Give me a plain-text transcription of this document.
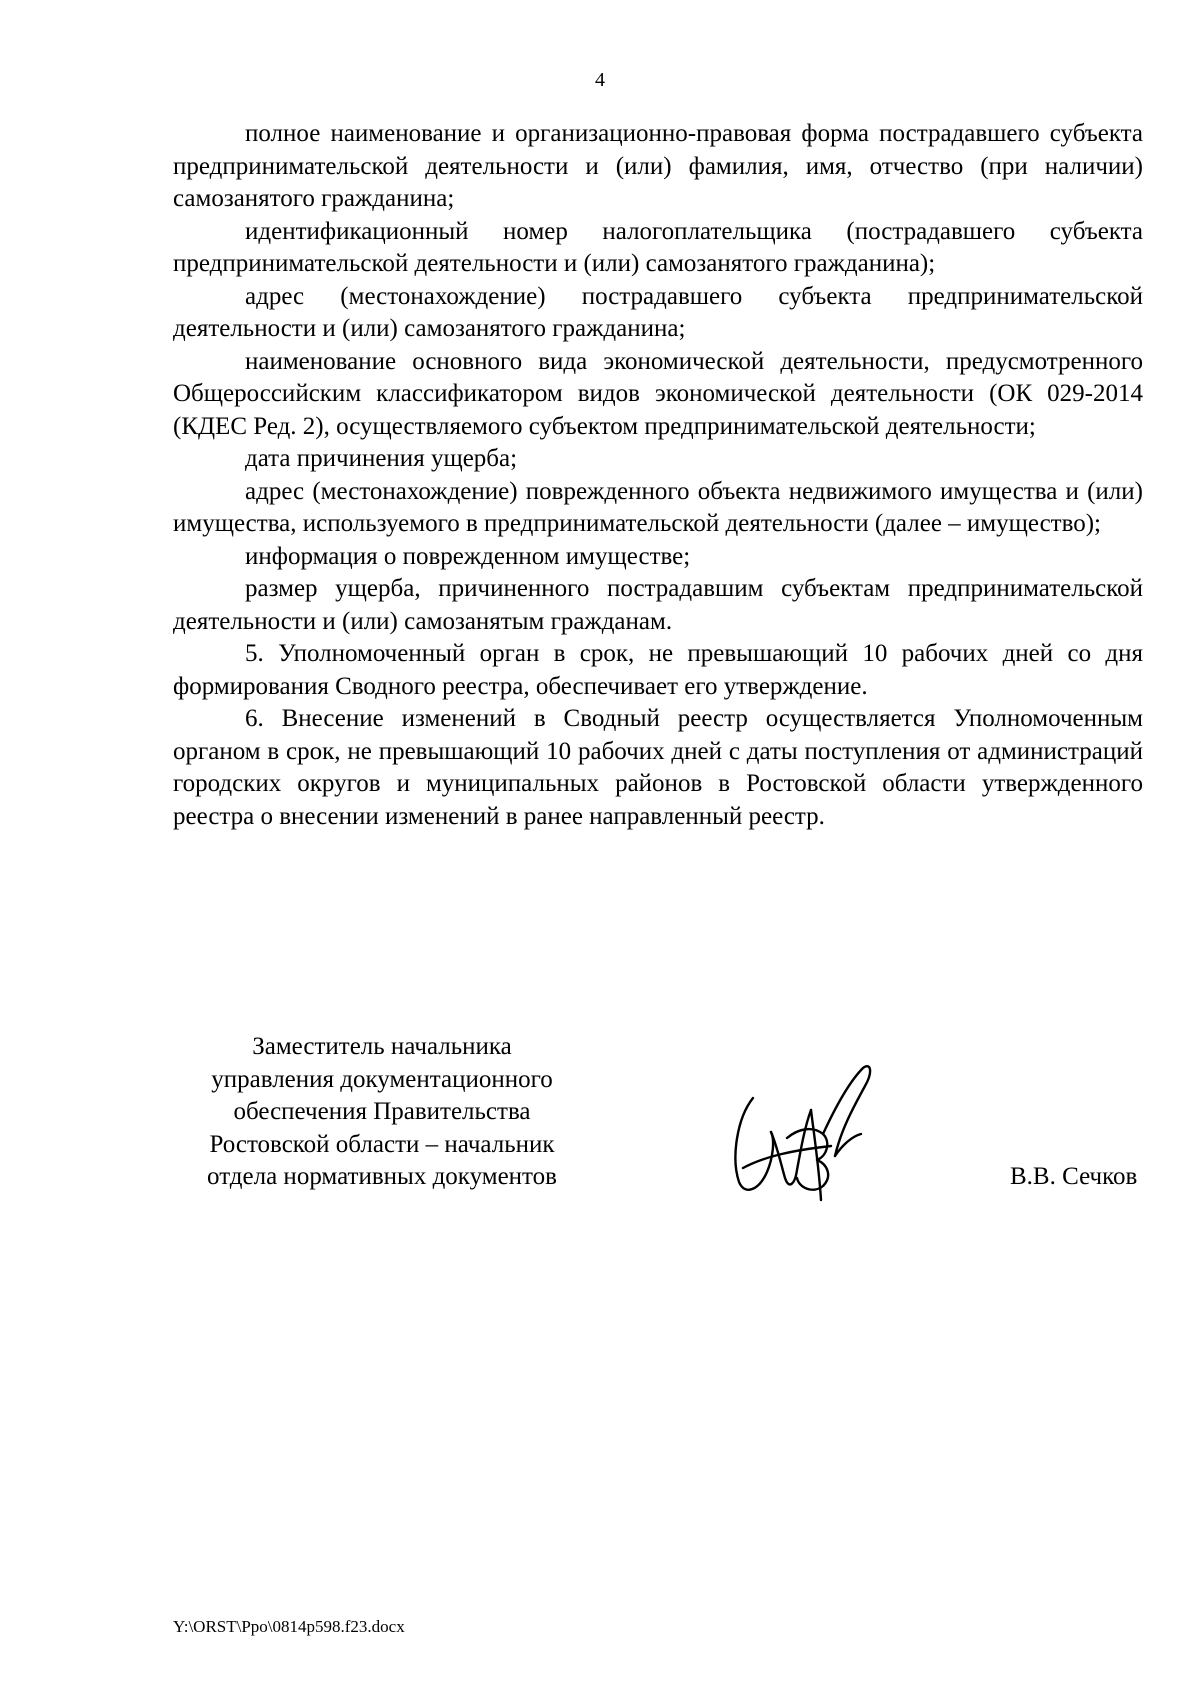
4

полное наименование и организационно-правовая форма пострадавшего субъекта предпринимательской деятельности и (или) фамилия, имя, отчество (при наличии) самозанятого гражданина;

идентификационный номер налогоплательщика (пострадавшего субъекта предпринимательской деятельности и (или) самозанятого гражданина);

адрес (местонахождение) пострадавшего субъекта предпринимательской деятельности и (или) самозанятого гражданина;

наименование основного вида экономической деятельности, предусмотренного Общероссийским классификатором видов экономической деятельности (ОК 029-2014 (КДЕС Ред. 2), осуществляемого субъектом предпринимательской деятельности;

дата причинения ущерба;

адрес (местонахождение) поврежденного объекта недвижимого имущества и (или) имущества, используемого в предпринимательской деятельности (далее – имущество);

информация о поврежденном имуществе;

размер ущерба, причиненного пострадавшим субъектам предпринимательской деятельности и (или) самозанятым гражданам.

5. Уполномоченный орган в срок, не превышающий 10 рабочих дней со дня формирования Сводного реестра, обеспечивает его утверждение.

6. Внесение изменений в Сводный реестр осуществляется Уполномоченным органом в срок, не превышающий 10 рабочих дней с даты поступления от администраций городских округов и муниципальных районов в Ростовской области утвержденного реестра о внесении изменений в ранее направленный реестр.

Заместитель начальника
управления документационного
обеспечения Правительства
Ростовской области – начальник
отдела нормативных документов	В.В. Сечков
Y:\ORST\Ppo\0814p598.f23.docx
